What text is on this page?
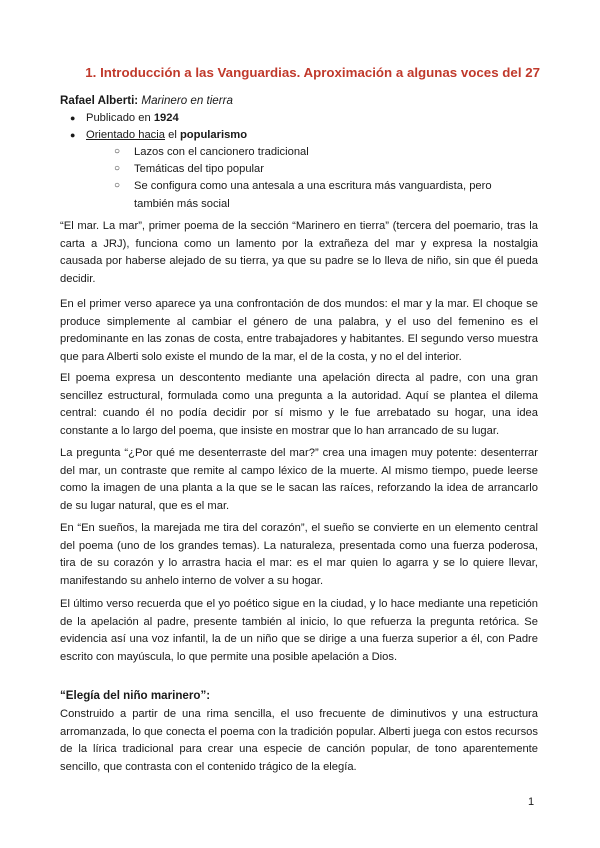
1. Introducción a las Vanguardias. Aproximación a algunas voces del 27
Rafael Alberti: Marinero en tierra
● Publicado en 1924
● Orientado hacia el popularismo
○ Lazos con el cancionero tradicional
○ Temáticas del tipo popular
○ Se configura como una antesala a una escritura más vanguardista, pero también más social

“El mar. La mar”, primer poema de la sección “Marinero en tierra” (tercera del poemario, tras la carta a JRJ), funciona como un lamento por la extrañeza del mar y expresa la nostalgia causada por haberse alejado de su tierra, ya que su padre se lo lleva de niño, sin que él pueda decidir.

En el primer verso aparece ya una confrontación de dos mundos: el mar y la mar. El choque se produce simplemente al cambiar el género de una palabra, y el uso del femenino es el predominante en las zonas de costa, entre trabajadores y habitantes. El segundo verso muestra que para Alberti solo existe el mundo de la mar, el de la costa, y no el del interior.

El poema expresa un descontento mediante una apelación directa al padre, con una gran sencillez estructural, formulada como una pregunta a la autoridad. Aquí se plantea el dilema central: cuando él no podía decidir por sí mismo y le fue arrebatado su hogar, una idea constante a lo largo del poema, que insiste en mostrar que lo han arrancado de su lugar.

La pregunta “¿Por qué me desenterraste del mar?” crea una imagen muy potente: desenterrar del mar, un contraste que remite al campo léxico de la muerte. Al mismo tiempo, puede leerse como la imagen de una planta a la que se le sacan las raíces, reforzando la idea de arrancarlo de su lugar natural, que es el mar.

En “En sueños, la marejada me tira del corazón”, el sueño se convierte en un elemento central del poema (uno de los grandes temas). La naturaleza, presentada como una fuerza poderosa, tira de su corazón y lo arrastra hacia el mar: es el mar quien lo agarra y se lo quiere llevar, manifestando su anhelo interno de volver a su hogar.

El último verso recuerda que el yo poético sigue en la ciudad, y lo hace mediante una repetición de la apelación al padre, presente también al inicio, lo que refuerza la pregunta retórica. Se evidencia así una voz infantil, la de un niño que se dirige a una fuerza superior a él, con Padre escrito con mayúscula, lo que permite una posible apelación a Dios.

“Elegía del niño marinero”:

Construido a partir de una rima sencilla, el uso frecuente de diminutivos y una estructura arromanzada, lo que conecta el poema con la tradición popular. Alberti juega con estos recursos de la lírica tradicional para crear una especie de canción popular, de tono aparentemente sencillo, que contrasta con el contenido trágico de la elegía.

1
